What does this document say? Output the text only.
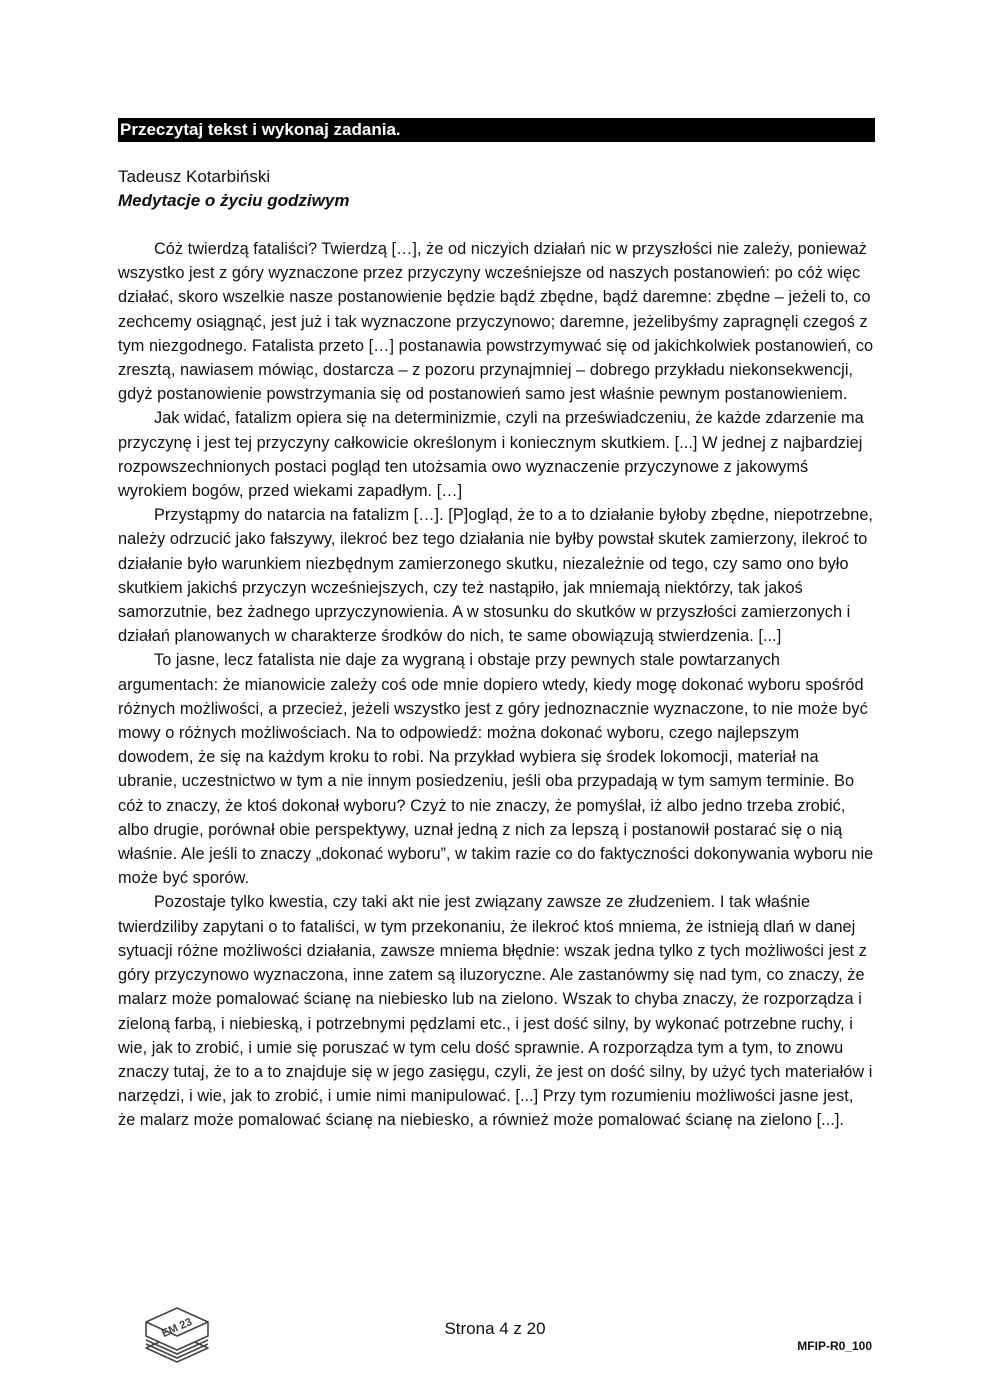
Przeczytaj tekst i wykonaj zadania.
Tadeusz Kotarbiński
Medytacje o życiu godziwym

Cóż twierdzą fataliści? Twierdzą […], że od niczyich działań nic w przyszłości nie zależy, ponieważ wszystko jest z góry wyznaczone przez przyczyny wcześniejsze od naszych postanowień: po cóż więc działać, skoro wszelkie nasze postanowienie będzie bądź zbędne, bądź daremne: zbędne – jeżeli to, co zechcemy osiągnąć, jest już i tak wyznaczone przyczynowo; daremne, jeżelibyśmy zapragnęli czegoś z tym niezgodnego. Fatalista przeto […] postanawia powstrzymywać się od jakichkolwiek postanowień, co zresztą, nawiasem mówiąc, dostarcza – z pozoru przynajmniej – dobrego przykładu niekonsekwencji, gdyż postanowienie powstrzymania się od postanowień samo jest właśnie pewnym postanowieniem.

Jak widać, fatalizm opiera się na determinizmie, czyli na przeświadczeniu, że każde zdarzenie ma przyczynę i jest tej przyczyny całkowicie określonym i koniecznym skutkiem. [...] W jednej z najbardziej rozpowszechnionych postaci pogląd ten utożsamia owo wyznaczenie przyczynowe z jakowymś wyrokiem bogów, przed wiekami zapadłym. […]

Przystąpmy do natarcia na fatalizm […]. [P]ogląd, że to a to działanie byłoby zbędne, niepotrzebne, należy odrzucić jako fałszywy, ilekroć bez tego działania nie byłby powstał skutek zamierzony, ilekroć to działanie było warunkiem niezbędnym zamierzonego skutku, niezależnie od tego, czy samo ono było skutkiem jakichś przyczyn wcześniejszych, czy też nastąpiło, jak mniemają niektórzy, tak jakoś samorzutnie, bez żadnego uprzyczynowienia. A w stosunku do skutków w przyszłości zamierzonych i działań planowanych w charakterze środków do nich, te same obowiązują stwierdzenia. [...]

To jasne, lecz fatalista nie daje za wygraną i obstaje przy pewnych stale powtarzanych argumentach: że mianowicie zależy coś ode mnie dopiero wtedy, kiedy mogę dokonać wyboru spośród różnych możliwości, a przecież, jeżeli wszystko jest z góry jednoznacznie wyznaczone, to nie może być mowy o różnych możliwościach. Na to odpowiedź: można dokonać wyboru, czego najlepszym dowodem, że się na każdym kroku to robi. Na przykład wybiera się środek lokomocji, materiał na ubranie, uczestnictwo w tym a nie innym posiedzeniu, jeśli oba przypadają w tym samym terminie. Bo cóż to znaczy, że ktoś dokonał wyboru? Czyż to nie znaczy, że pomyślał, iż albo jedno trzeba zrobić, albo drugie, porównał obie perspektywy, uznał jedną z nich za lepszą i postanowił postarać się o nią właśnie. Ale jeśli to znaczy „dokonać wyboru”, w takim razie co do faktyczności dokonywania wyboru nie może być sporów.

Pozostaje tylko kwestia, czy taki akt nie jest związany zawsze ze złudzeniem. I tak właśnie twierdziliby zapytani o to fataliści, w tym przekonaniu, że ilekroć ktoś mniema, że istnieją dlań w danej sytuacji różne możliwości działania, zawsze mniema błędnie: wszak jedna tylko z tych możliwości jest z góry przyczynowo wyznaczona, inne zatem są iluzoryczne. Ale zastanówmy się nad tym, co znaczy, że malarz może pomalować ścianę na niebiesko lub na zielono. Wszak to chyba znaczy, że rozporządza i zieloną farbą, i niebieską, i potrzebnymi pędzlami etc., i jest dość silny, by wykonać potrzebne ruchy, i wie, jak to zrobić, i umie się poruszać w tym celu dość sprawnie. A rozporządza tym a tym, to znowu znaczy tutaj, że to a to znajduje się w jego zasięgu, czyli, że jest on dość silny, by użyć tych materiałów i narzędzi, i wie, jak to zrobić, i umie nimi manipulować. [...] Przy tym rozumieniu możliwości jasne jest, że malarz może pomalować ścianę na niebiesko, a również może pomalować ścianę na zielono [...].

EM 23	Strona 4 z 20
MFIP-R0_100
